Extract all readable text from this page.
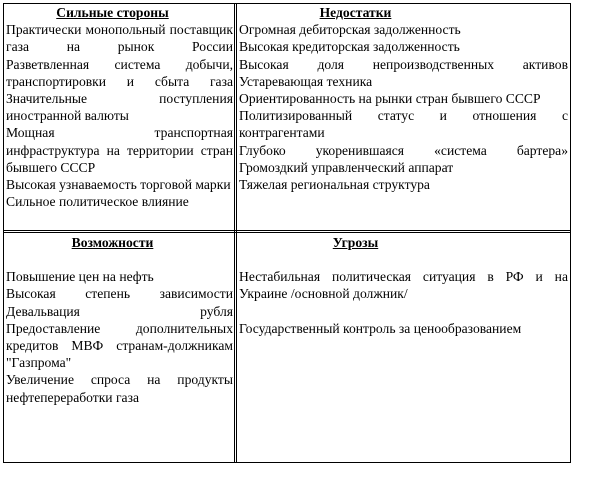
Сильные стороны
Практически монопольный поставщик газа на рынок России
Разветвленная система добычи, транспортировки и сбыта газа
Значительные поступления иностранной валюты
Мощная транспортная инфраструктура на территории стран бывшего СССР
Высокая узнаваемость торговой марки
Сильное политическое влияние
Недостатки
Огромная дебиторская задолженность
Высокая кредиторская задолженность
Высокая доля непроизводственных активов
Устаревающая техника
Ориентированность на рынки стран бывшего СССР
Политизированный статус и отношения с контрагентами
Глубоко укоренившаяся «система бартера»
Громоздкий управленческий аппарат
Тяжелая региональная структура
Возможности
Повышение цен на нефть
Высокая степень зависимости
Девальвация рубля
Предоставление дополнительных кредитов МВФ странам-должникам "Газпрома"
Увеличение спроса на продукты нефтепереработки газа
Угрозы
Нестабильная политическая ситуация в РФ и на Украине /основной должник/
Государственный контроль за ценообразованием
